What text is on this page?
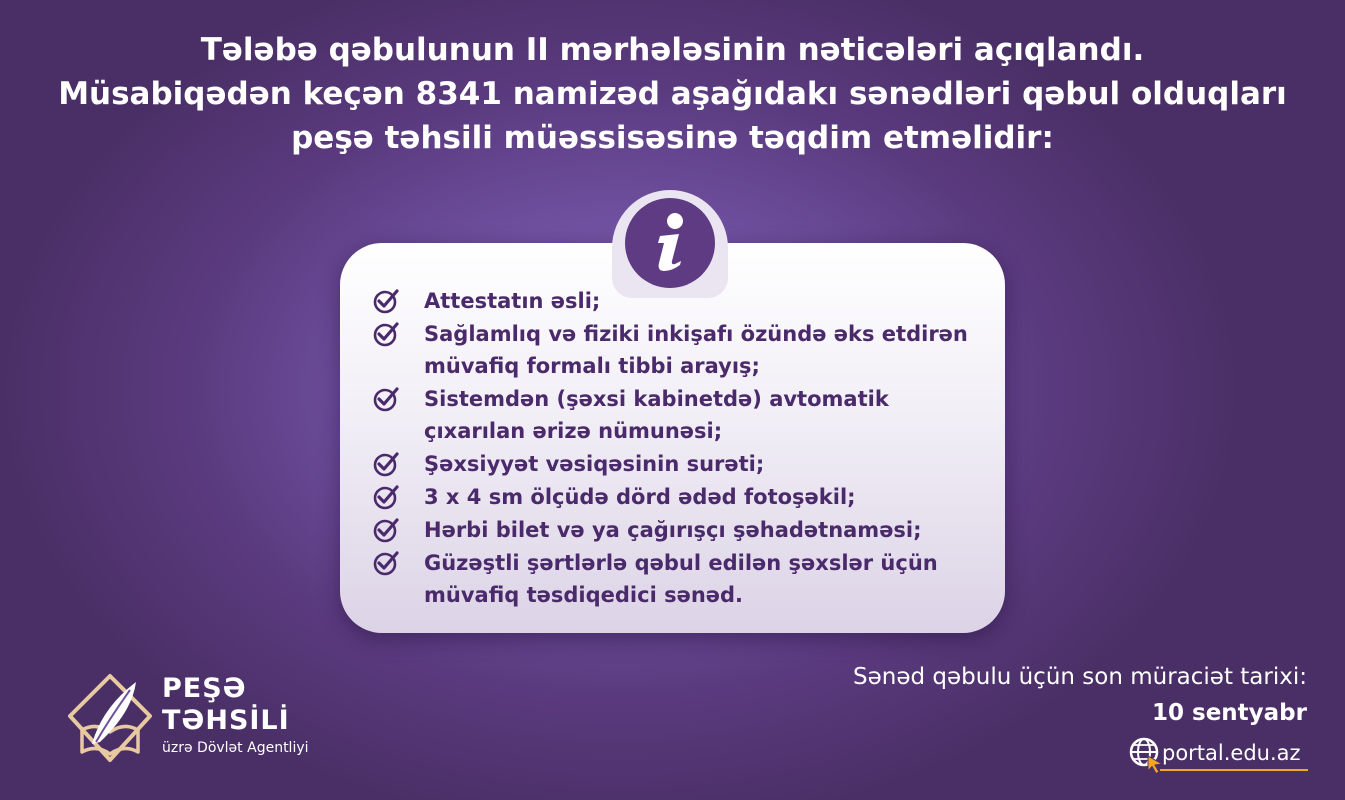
Tələbə qəbulunun II mərhələsinin nəticələri açıqlandı.
Müsabiqədən keçən 8341 namizəd aşağıdakı sənədləri qəbul olduqları
peşə təhsili müəssisəsinə təqdim etməlidir:
Attestatın əsli;
Sağlamlıq və fiziki inkişafı özündə əks etdirən
müvafiq formalı tibbi arayış;
Sistemdən (şəxsi kabinetdə) avtomatik
çıxarılan ərizə nümunəsi;
Şəxsiyyət vəsiqəsinin surəti;
3 x 4 sm ölçüdə dörd ədəd fotoşəkil;
Hərbi bilet və ya çağırışçı şəhadətnaməsi;
Güzəştli şərtlərlə qəbul edilən şəxslər üçün
müvafiq təsdiqedici sənəd.
PEŞƏ
TƏHSİLİ
üzrə Dövlət Agentliyi
Sənəd qəbulu üçün son müraciət tarixi:
10 sentyabr
portal.edu.az
